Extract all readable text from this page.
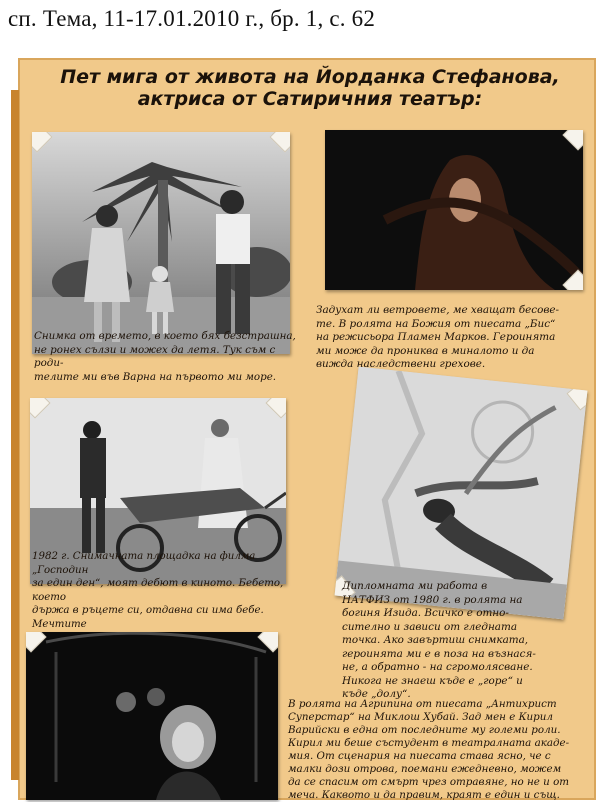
сп. Тема, 11-17.01.2010 г., бр. 1, с. 62
Пет мига от живота на Йорданка Стефанова,
актриса от Сатиричния театър:
Снимка от времето, в което бях безстрашна,
не ронех сълзи и можех да летя. Тук съм с роди-
телите ми във Варна на първото ми море.
Задухат ли ветровете, ме хващат бесове-
те. В ролята на Божия от пиесата „Бис“
на режисьора Пламен Марков. Героинята
ми може да прониква в миналото и да
вижда наследствени грехове.
1982 г. Снимачната площадка на филма „Господин
за един ден“, моят дебют в киното. Бебето, което
държа в ръцете си, отдавна си има бебе. Мечтите

Дипломната ми работа в
НАТФИЗ от 1980 г. в ролята на
богиня Изида. Всичко е отно-
сително и зависи от гледната
точка. Ако завъртиш снимката,
героинята ми е в поза на възнася-
не, а обратно - на сгромолясване.
Никога не знаеш къде е „горе“ и
къде „долу“.
В ролята на Агрипина от пиесата „Антихрист
Суперстар“ на Миклош Хубай. Зад мен е Кирил
Варийски в една от последните му големи роли.
Кирил ми беше състудент в театралната акаде-
мия. От сценария на пиесата става ясно, че с
малки дози отрова, поемани ежедневно, можем
да се спасим от смърт чрез отравяне, но не и от
меча. Каквото и да правим, краят е един и същ.
